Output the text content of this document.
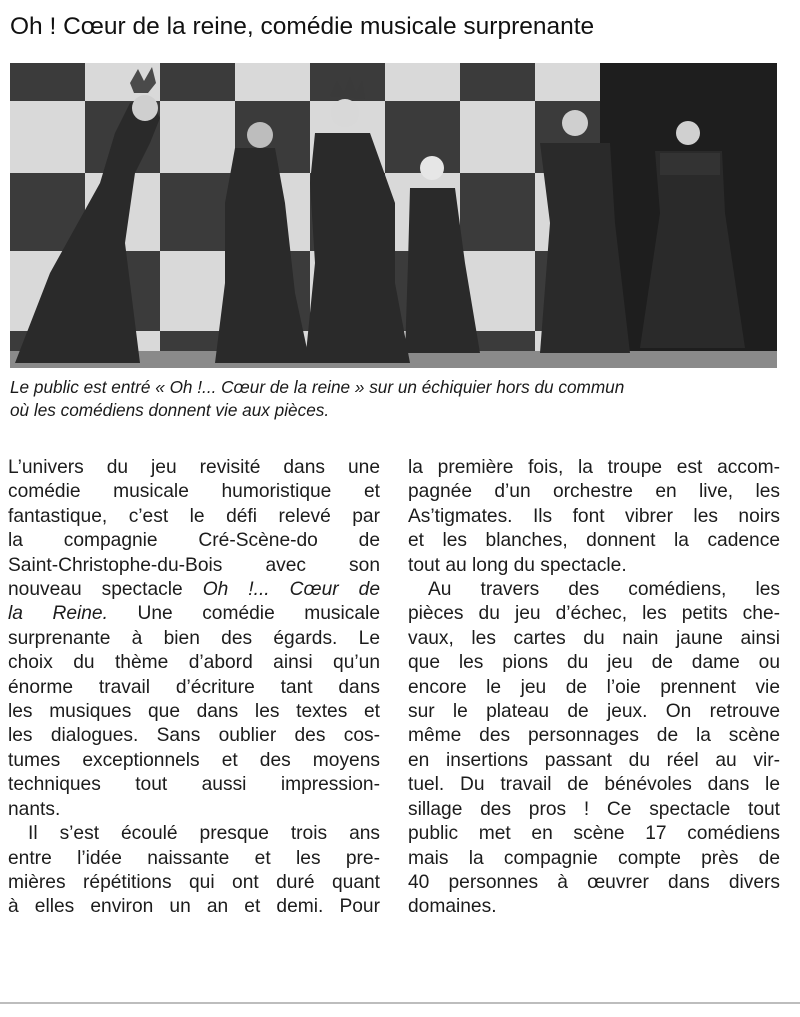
Oh ! Cœur de la reine, comédie musicale surprenante

Le public est entré « Oh !... Cœur de la reine » sur un échiquier hors du commun

où les comédiens donnent vie aux pièces.

L’univers du jeu revisité dans une
comédie musicale humoristique et
fantastique, c’est le défi relevé par
la compagnie Cré-Scène-do de
Saint-Christophe-du-Bois avec son
nouveau spectacle Oh !... Cœur de
la Reine. Une comédie musicale
surprenante à bien des égards. Le
choix du thème d’abord ainsi qu’un
énorme travail d’écriture tant dans
les musiques que dans les textes et
les dialogues. Sans oublier des cos-
tumes exceptionnels et des moyens
techniques tout aussi impression-
nants.
Il s’est écoulé presque trois ans
entre l’idée naissante et les pre-
mières répétitions qui ont duré quant
à elles environ un an et demi. Pour
la première fois, la troupe est accom-
pagnée d’un orchestre en live, les
As’tigmates. Ils font vibrer les noirs
et les blanches, donnent la cadence
tout au long du spectacle.
Au travers des comédiens, les
pièces du jeu d’échec, les petits che-
vaux, les cartes du nain jaune ainsi
que les pions du jeu de dame ou
encore le jeu de l’oie prennent vie
sur le plateau de jeux. On retrouve
même des personnages de la scène
en insertions passant du réel au vir-
tuel. Du travail de bénévoles dans le
sillage des pros ! Ce spectacle tout
public met en scène 17 comédiens
mais la compagnie compte près de
40 personnes à œuvrer dans divers
domaines.
